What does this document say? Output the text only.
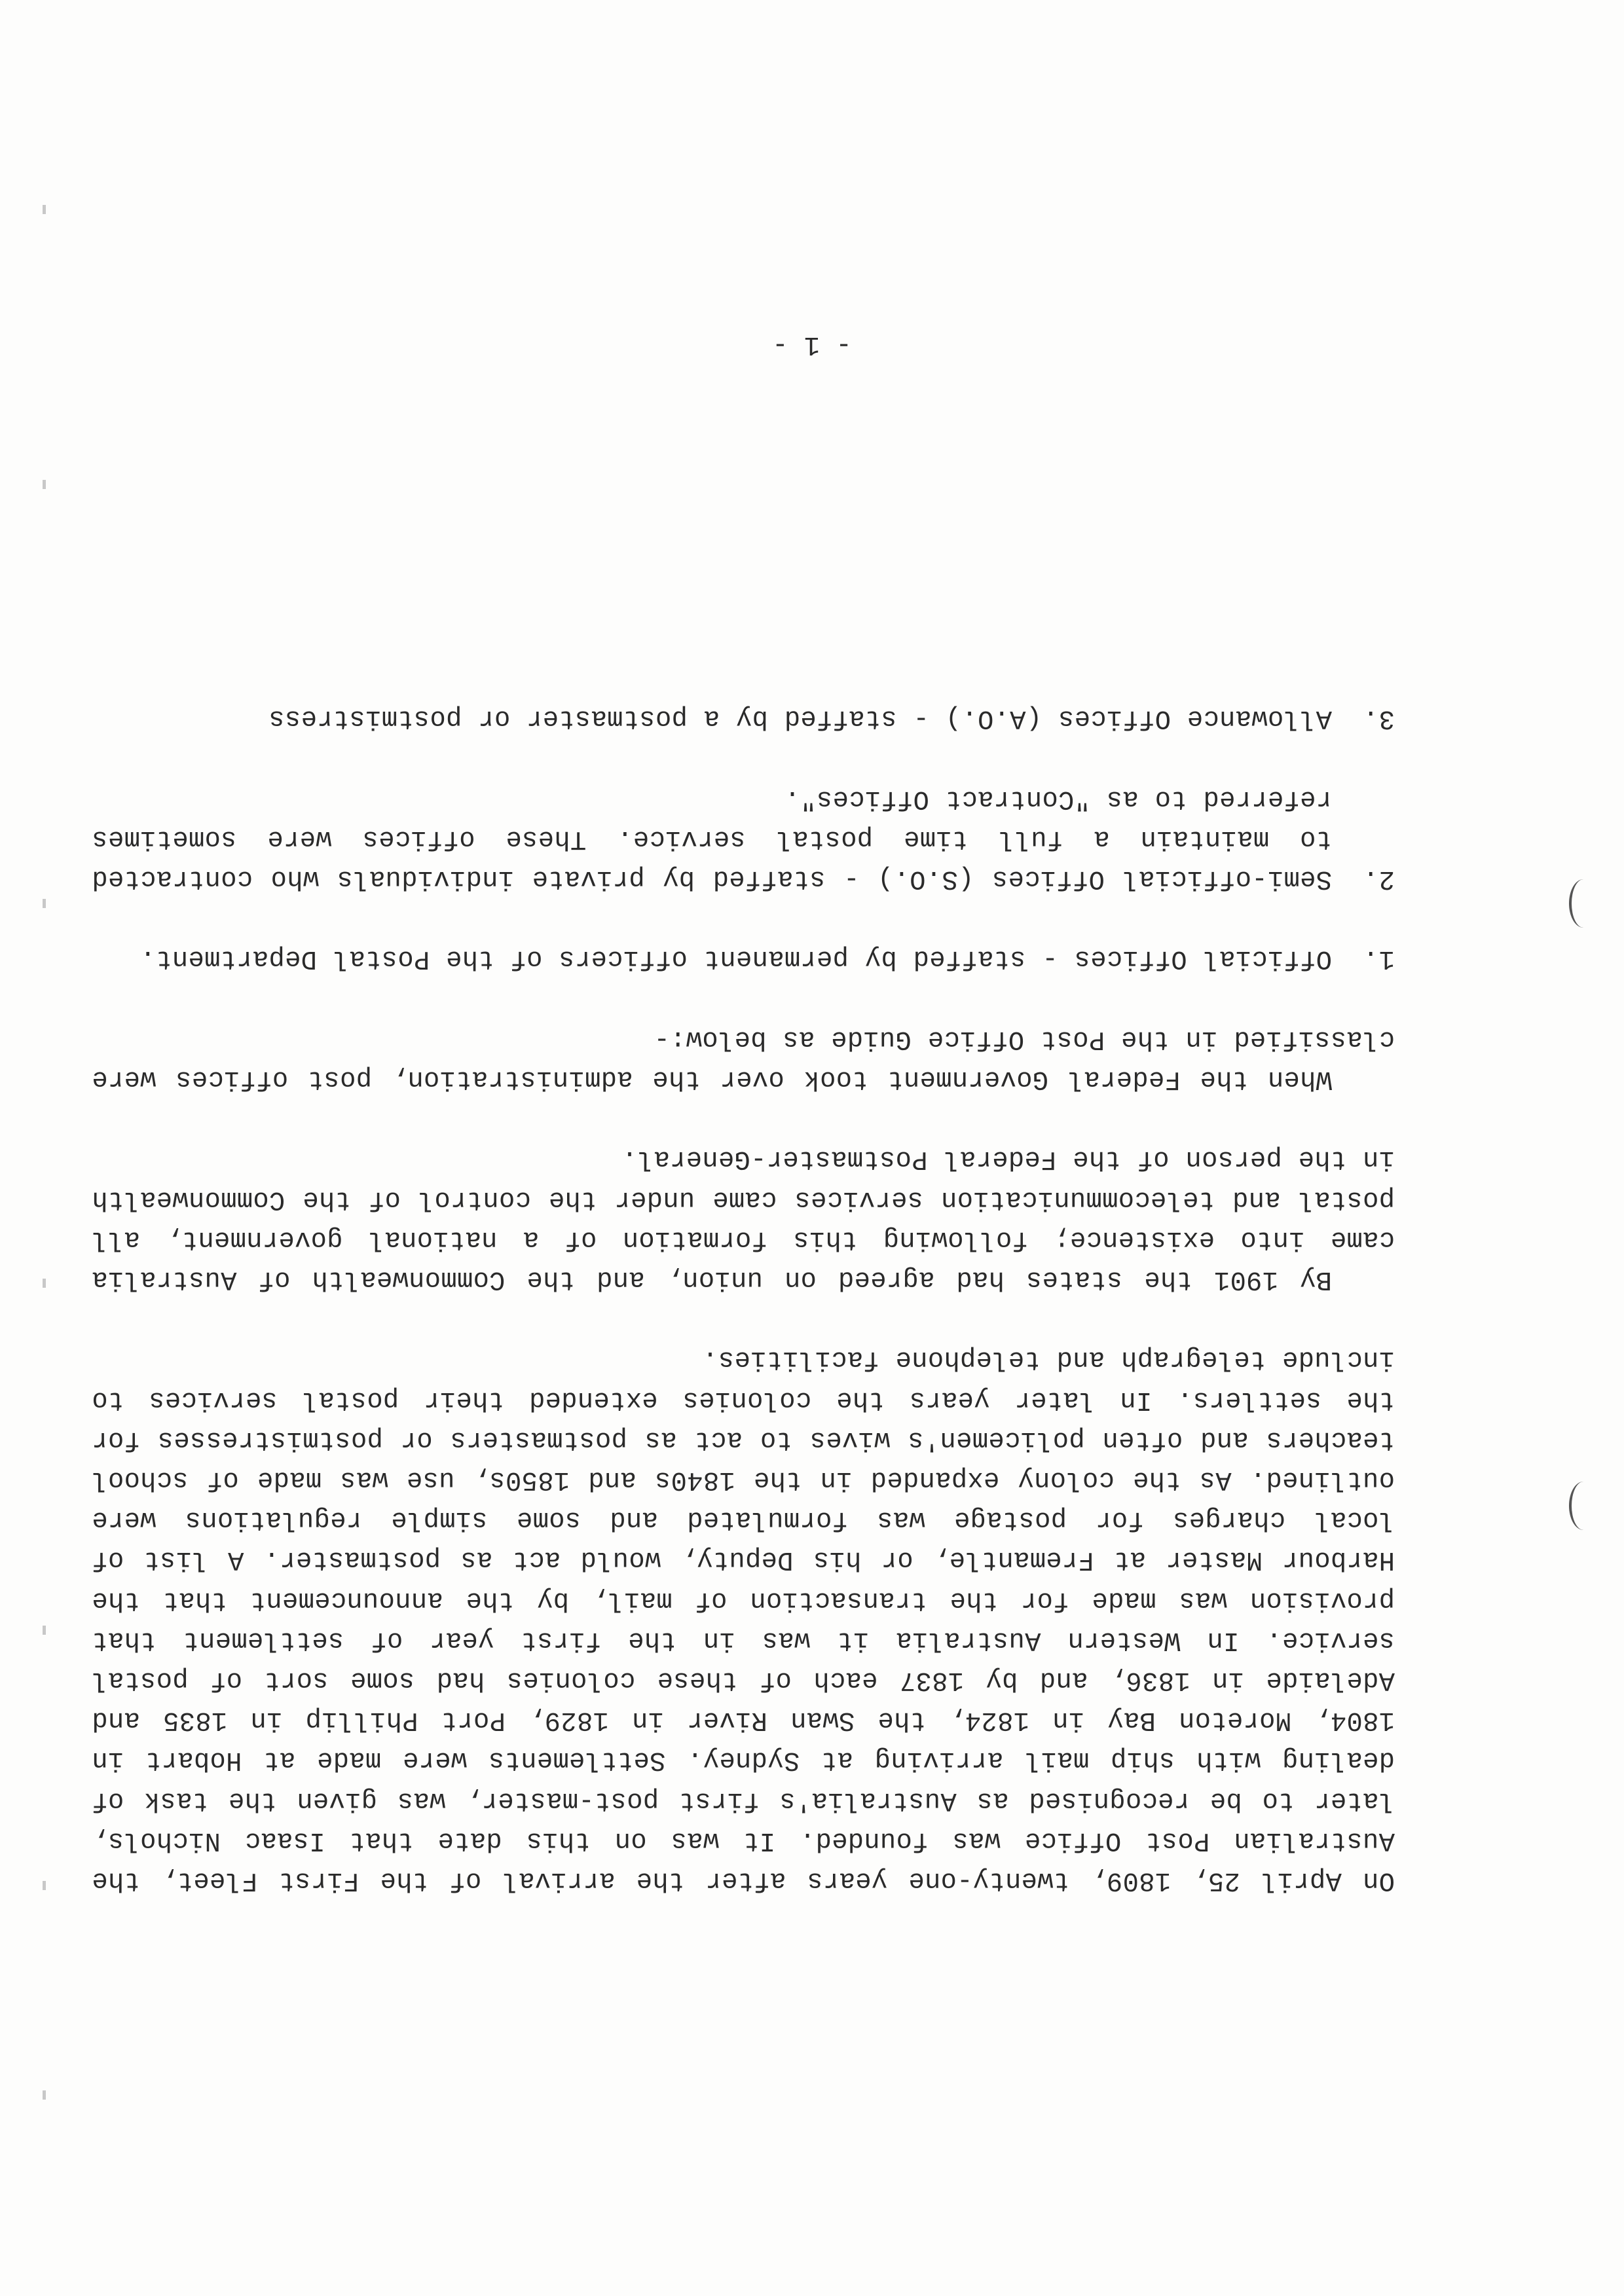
On April 25, 1809, twenty-one years after the arrival of the First Fleet, the Australian Post Office was founded. It was on this date that Isaac Nichols, later to be recognised as Australia's first post-master, was given the task of dealing with ship mail arriving at Sydney. Settlements were made at Hobart in 1804, Moreton Bay in 1824, the Swan River in 1829, Port Phillip in 1835 and Adelaide in 1836, and by 1837 each of these colonies had some sort of postal service. In Western Australia it was in the first year of settlement that provision was made for the transaction of mail, by the announcement that the Harbour Master at Fremantle, or his Deputy, would act as postmaster. A list of local charges for postage was formulated and some simple regulations were outlined. As the colony expanded in the 1840s and 1850s, use was made of school teachers and often policemen's wives to act as postmasters or postmistresses for the settlers. In later years the colonies extended their postal services to include telegraph and telephone facilities.

By 1901 the states had agreed on union, and the Commonwealth of Australia came into existence; following this formation of a national government, all postal and telecommunication services came under the control of the Commonwealth in the person of the Federal Postmaster-General.

When the Federal Government took over the administration, post offices were classified in the Post Office Guide as below:-

1.
Official Offices - staffed by permanent officers of the Postal Department.
2.
Semi-official Offices (S.O.) - staffed by private individuals who contracted to maintain a full time postal service. These offices were sometimes referred to as "Contract Offices".
3.
Allowance Offices (A.O.) - staffed by a postmaster or postmistress
- 1 -
